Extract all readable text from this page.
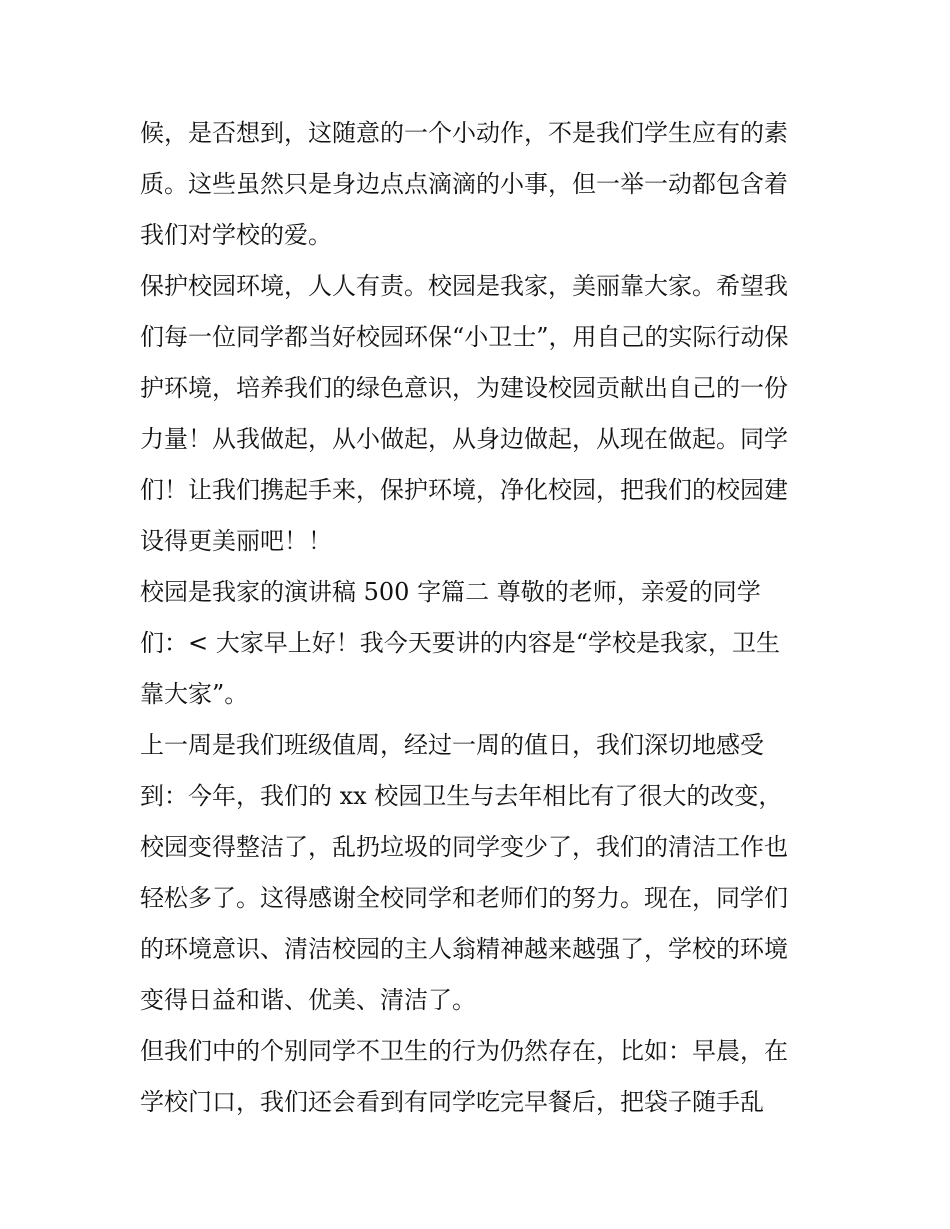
候，是否想到，这随意的一个小动作，不是我们学生应有的素
质。这些虽然只是身边点点滴滴的小事，但一举一动都包含着
我们对学校的爱。
保护校园环境，人人有责。校园是我家，美丽靠大家。希望我
们每一位同学都当好校园环保“小卫士”，用自己的实际行动保
护环境，培养我们的绿色意识，为建设校园贡献出自己的一份
力量！从我做起，从小做起，从身边做起，从现在做起。同学
们！让我们携起手来，保护环境，净化校园，把我们的校园建
设得更美丽吧！！
校园是我家的演讲稿 500 字篇二 尊敬的老师，亲爱的同学
们：< 大家早上好！我今天要讲的内容是“学校是我家，卫生
靠大家”。
上一周是我们班级值周，经过一周的值日，我们深切地感受
到：今年，我们的 xx 校园卫生与去年相比有了很大的改变，
校园变得整洁了，乱扔垃圾的同学变少了，我们的清洁工作也
轻松多了。这得感谢全校同学和老师们的努力。现在，同学们
的环境意识、清洁校园的主人翁精神越来越强了，学校的环境
变得日益和谐、优美、清洁了。
但我们中的个别同学不卫生的行为仍然存在，比如：早晨，在
学校门口，我们还会看到有同学吃完早餐后，把袋子随手乱
